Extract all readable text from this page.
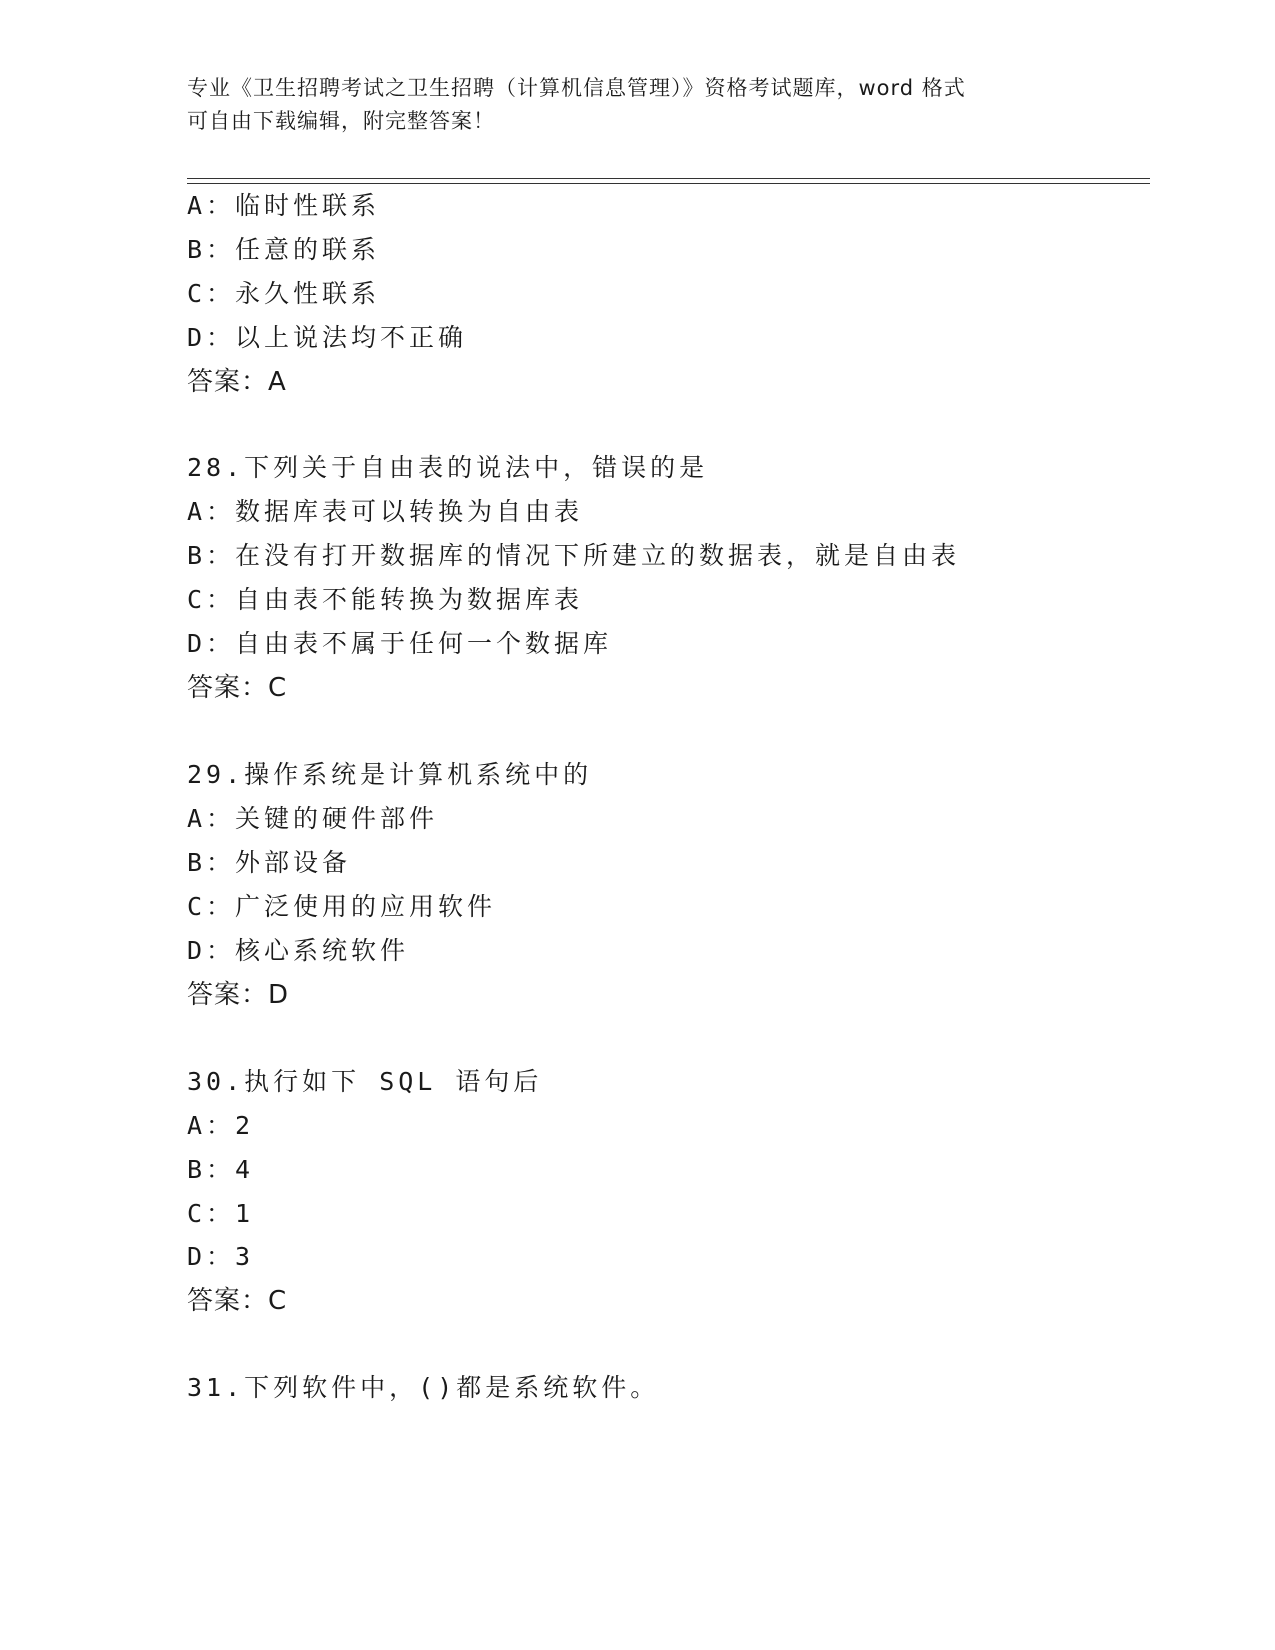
专业《卫生招聘考试之卫生招聘（计算机信息管理）》资格考试题库，word 格式
可自由下载编辑，附完整答案！
A：临时性联系
B：任意的联系
C：永久性联系
D：以上说法均不正确
答案：A
28.下列关于自由表的说法中，错误的是
A：数据库表可以转换为自由表
B：在没有打开数据库的情况下所建立的数据表，就是自由表
C：自由表不能转换为数据库表
D：自由表不属于任何一个数据库
答案：C
29.操作系统是计算机系统中的
A：关键的硬件部件
B：外部设备
C：广泛使用的应用软件
D：核心系统软件
答案：D
30.执行如下 SQL 语句后
A：2
B：4
C：1
D：3
答案：C
31.下列软件中，()都是系统软件。
